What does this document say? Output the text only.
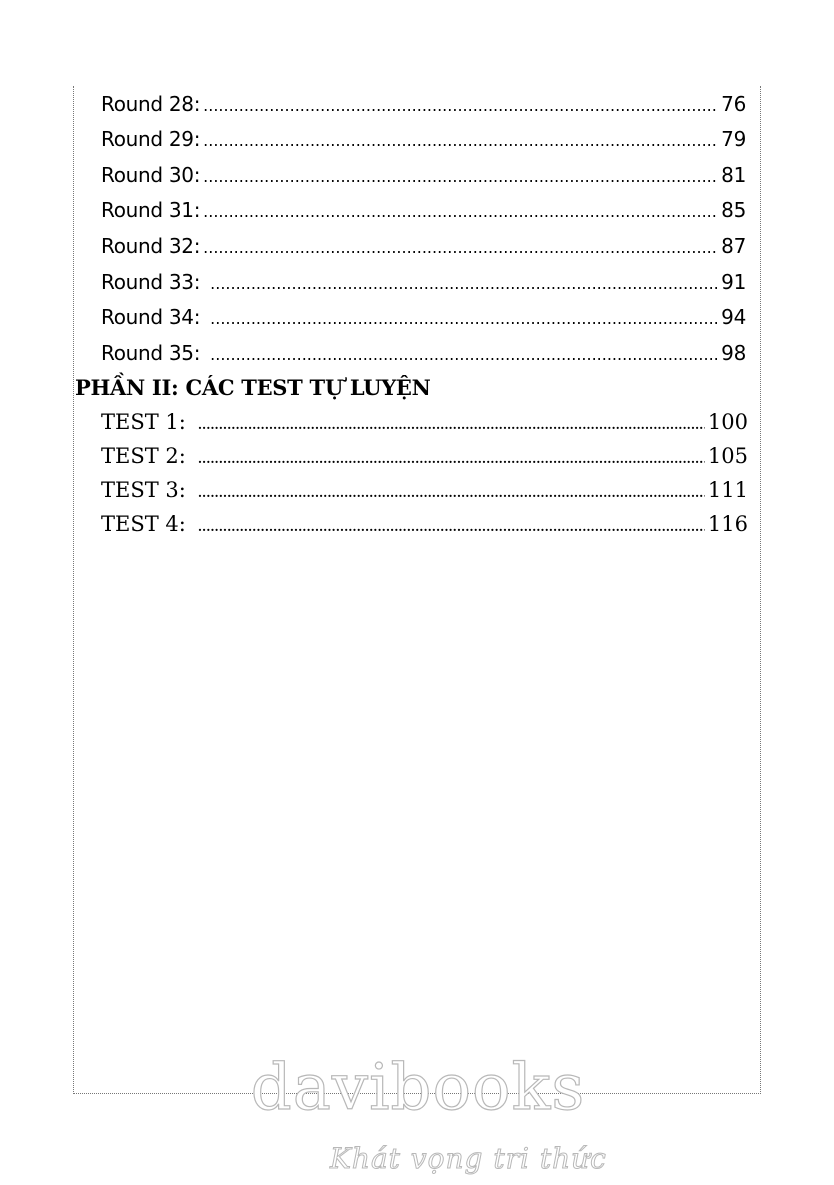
Round 28: .....	76
Round 29: .....	79
Round 30: .....	81
Round 31: .....	85
Round 32: .....	87
Round 33: .....	91
Round 34: .....	94
Round 35: .....	98
PHẦN II: CÁC TEST TỰ LUYỆN
TEST 1: .....	100
TEST 2: .....	105
TEST 3: .....	111
TEST 4: .....	116
davibooks
Khát vọng tri thức
